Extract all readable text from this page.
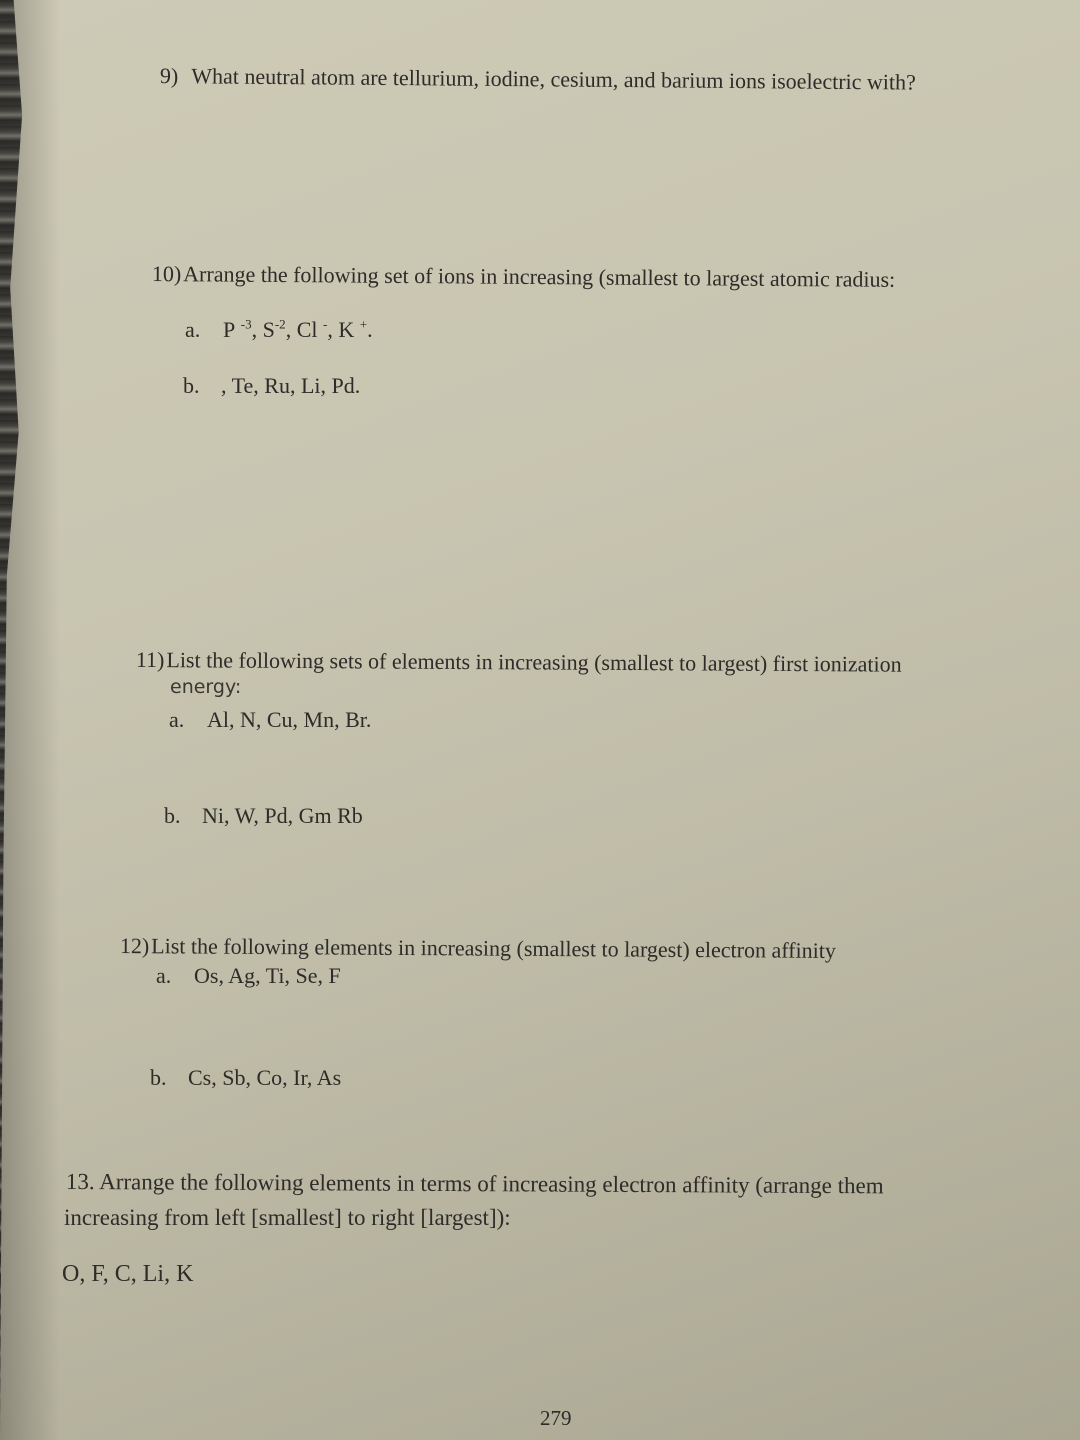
9) What neutral atom are tellurium, iodine, cesium, and barium ions isoelectric with?
10)Arrange the following set of ions in increasing (smallest to largest atomic radius:
a. P $^{-3}$, $S^{-2}$, Cl -, K +.
b. , Te, Ru, Li, Pd.
11)List the following sets of elements in increasing (smallest to largest) first ionization
energy:
a. Al, N, Cu, Mn, Br.
b. Ni, W, Pd, Gm Rb
12)List the following elements in increasing (smallest to largest) electron affinity
a. Os, Ag, Ti, Se, F
b. Cs, Sb, Co, Ir, As
13. Arrange the following elements in terms of increasing electron affinity (arrange them
increasing from left [smallest] to right [largest]):
O, F, C, Li, K
279
